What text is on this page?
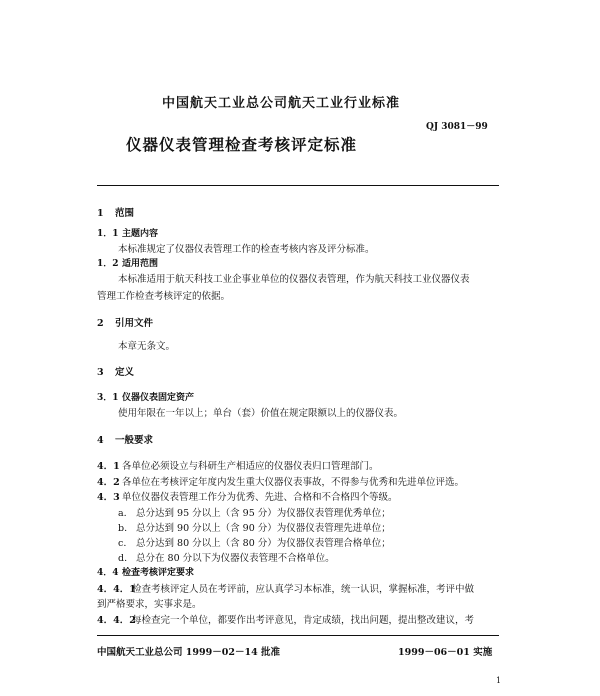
中国航天工业总公司航天工业行业标准
QJ 3081－99
仪器仪表管理检查考核评定标准
1 范围
1．1 主题内容
本标准规定了仪器仪表管理工作的检查考核内容及评分标准。
1．2 适用范围
本标准适用于航天科技工业企事业单位的仪器仪表管理，作为航天科技工业仪器仪表
管理工作检查考核评定的依据。
2 引用文件
本章无条文。
3 定义
3．1 仪器仪表固定资产
使用年限在一年以上；单台（套）价值在规定限额以上的仪器仪表。
4 一般要求
4．1 各单位必须设立与科研生产相适应的仪器仪表归口管理部门。
4．2 各单位在考核评定年度内发生重大仪器仪表事故，不得参与优秀和先进单位评选。
4．3 单位仪器仪表管理工作分为优秀、先进、合格和不合格四个等级。
a. 总分达到 95 分以上（含 95 分）为仪器仪表管理优秀单位；
b. 总分达到 90 分以上（含 90 分）为仪器仪表管理先进单位；
c. 总分达到 80 分以上（含 80 分）为仪器仪表管理合格单位；
d. 总分在 80 分以下为仪器仪表管理不合格单位。
4．4 检查考核评定要求
4．4．1检查考核评定人员在考评前，应认真学习本标准，统一认识，掌握标准，考评中做
到严格要求，实事求是。
4．4．2每检查完一个单位，都要作出考评意见，肯定成绩，找出问题，提出整改建议，考
中国航天工业总公司 1999－02－14 批准	1999－06－01 实施
1
